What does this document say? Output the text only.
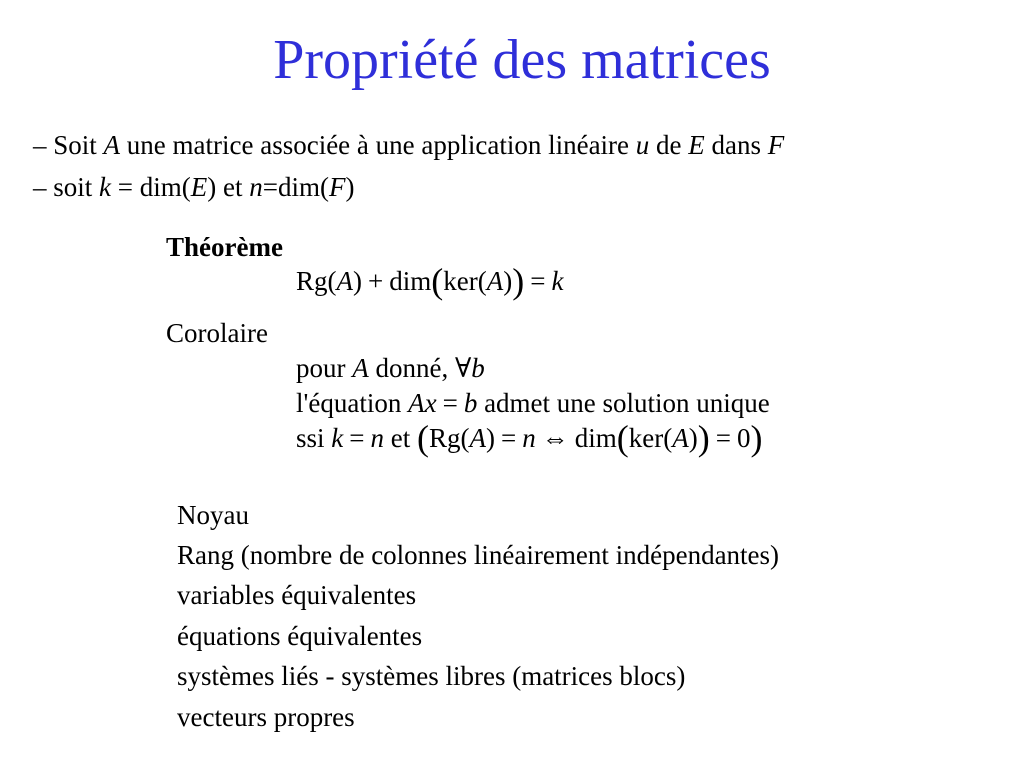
Propriété des matrices
– Soit A une matrice associée à une application linéaire u de E dans F
– soit k = dim(E) et n=dim(F)
Théorème
Rg(A) + dim(ker(A)) = k
Corolaire
pour A donné, ∀b
l'équation Ax = b admet une solution unique
ssi k = n et (Rg(A) = n ⇔ dim(ker(A)) = 0)
Noyau
Rang (nombre de colonnes linéairement indépendantes)
variables équivalentes
équations équivalentes
systèmes liés - systèmes libres (matrices blocs)
vecteurs propres
